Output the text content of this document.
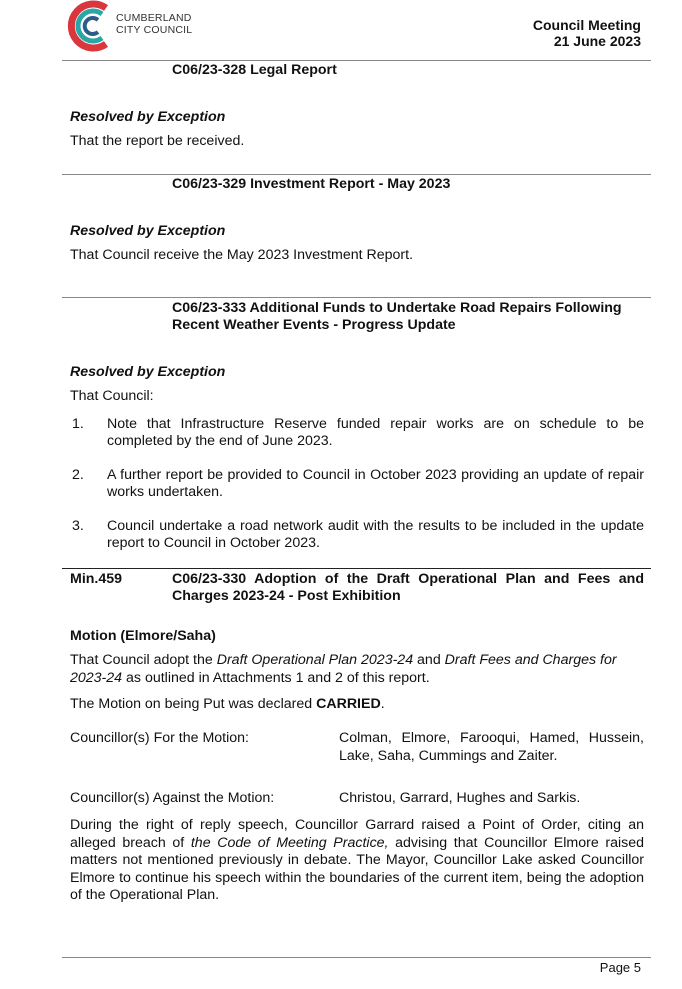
CUMBERLAND
CITY COUNCIL	Council Meeting
21 June 2023
C06/23-328 Legal Report
Resolved by Exception
That the report be received.
C06/23-329 Investment Report - May 2023
Resolved by Exception
That Council receive the May 2023 Investment Report.
C06/23-333 Additional Funds to Undertake Road Repairs Following
Recent Weather Events - Progress Update
Resolved by Exception
That Council:
1. Note that Infrastructure Reserve funded repair works are on schedule to be completed by the end of June 2023.
2. A further report be provided to Council in October 2023 providing an update of repair works undertaken.
3. Council undertake a road network audit with the results to be included in the update report to Council in October 2023.
Min.459	C06/23-330 Adoption of the Draft Operational Plan and Fees and
Charges 2023-24 - Post Exhibition
Motion (Elmore/Saha)
That Council adopt the Draft Operational Plan 2023-24 and Draft Fees and Charges for 2023-24 as outlined in Attachments 1 and 2 of this report.
The Motion on being Put was declared CARRIED.
Councillor(s) For the Motion:	Colman, Elmore, Farooqui, Hamed, Hussein, Lake, Saha, Cummings and Zaiter.
Councillor(s) Against the Motion:	Christou, Garrard, Hughes and Sarkis.
During the right of reply speech, Councillor Garrard raised a Point of Order, citing an alleged breach of the Code of Meeting Practice, advising that Councillor Elmore raised matters not mentioned previously in debate. The Mayor, Councillor Lake asked Councillor Elmore to continue his speech within the boundaries of the current item, being the adoption of the Operational Plan.
Page 5
